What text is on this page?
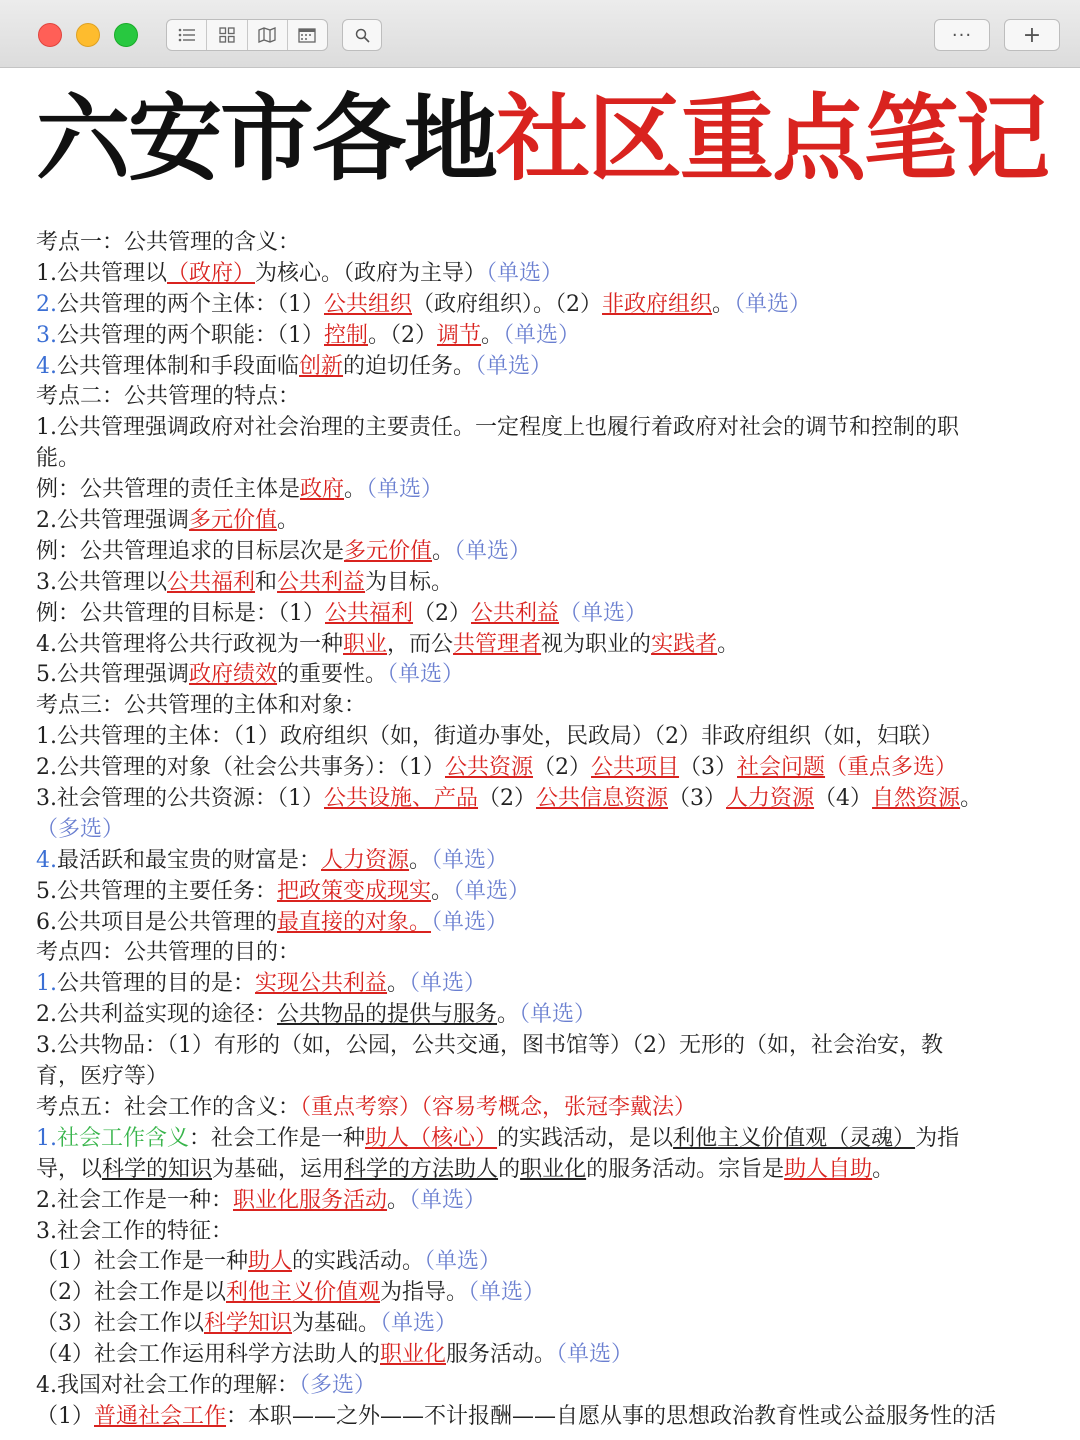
···	+
六安市各地社区重点笔记
考点一：公共管理的含义：
1.公共管理以（政府）为核心。（政府为主导）（单选）
2.公共管理的两个主体：（1）公共组织（政府组织）。（2）非政府组织。（单选）
3.公共管理的两个职能：（1）控制。（2）调节。（单选）
4.公共管理体制和手段面临创新的迫切任务。（单选）
考点二：公共管理的特点：
1.公共管理强调政府对社会治理的主要责任。一定程度上也履行着政府对社会的调节和控制的职
能。
例：公共管理的责任主体是政府。（单选）
2.公共管理强调多元价值。
例：公共管理追求的目标层次是多元价值。（单选）
3.公共管理以公共福利和公共利益为目标。
例：公共管理的目标是：（1）公共福利（2）公共利益（单选）
4.公共管理将公共行政视为一种职业，而公共管理者视为职业的实践者。
5.公共管理强调政府绩效的重要性。（单选）
考点三：公共管理的主体和对象：
1.公共管理的主体：（1）政府组织（如，街道办事处，民政局）（2）非政府组织（如，妇联）
2.公共管理的对象（社会公共事务）：（1）公共资源（2）公共项目（3）社会问题（重点多选）
3.社会管理的公共资源：（1）公共设施、产品（2）公共信息资源（3）人力资源（4）自然资源。
（多选）
4.最活跃和最宝贵的财富是：人力资源。（单选）
5.公共管理的主要任务：把政策变成现实。（单选）
6.公共项目是公共管理的最直接的对象。（单选）
考点四：公共管理的目的：
1.公共管理的目的是：实现公共利益。（单选）
2.公共利益实现的途径：公共物品的提供与服务。（单选）
3.公共物品：（1）有形的（如，公园，公共交通，图书馆等）（2）无形的（如，社会治安，教
育，医疗等）
考点五：社会工作的含义：（重点考察）（容易考概念，张冠李戴法）
1.社会工作含义：社会工作是一种助人（核心）的实践活动，是以利他主义价值观（灵魂）为指
导，以科学的知识为基础，运用科学的方法助人的职业化的服务活动。宗旨是助人自助。
2.社会工作是一种：职业化服务活动。（单选）
3.社会工作的特征：
（1）社会工作是一种助人的实践活动。（单选）
（2）社会工作是以利他主义价值观为指导。（单选）
（3）社会工作以科学知识为基础。（单选）
（4）社会工作运用科学方法助人的职业化服务活动。（单选）
4.我国对社会工作的理解：（多选）
（1）普通社会工作：本职——之外——不计报酬——自愿从事的思想政治教育性或公益服务性的活
